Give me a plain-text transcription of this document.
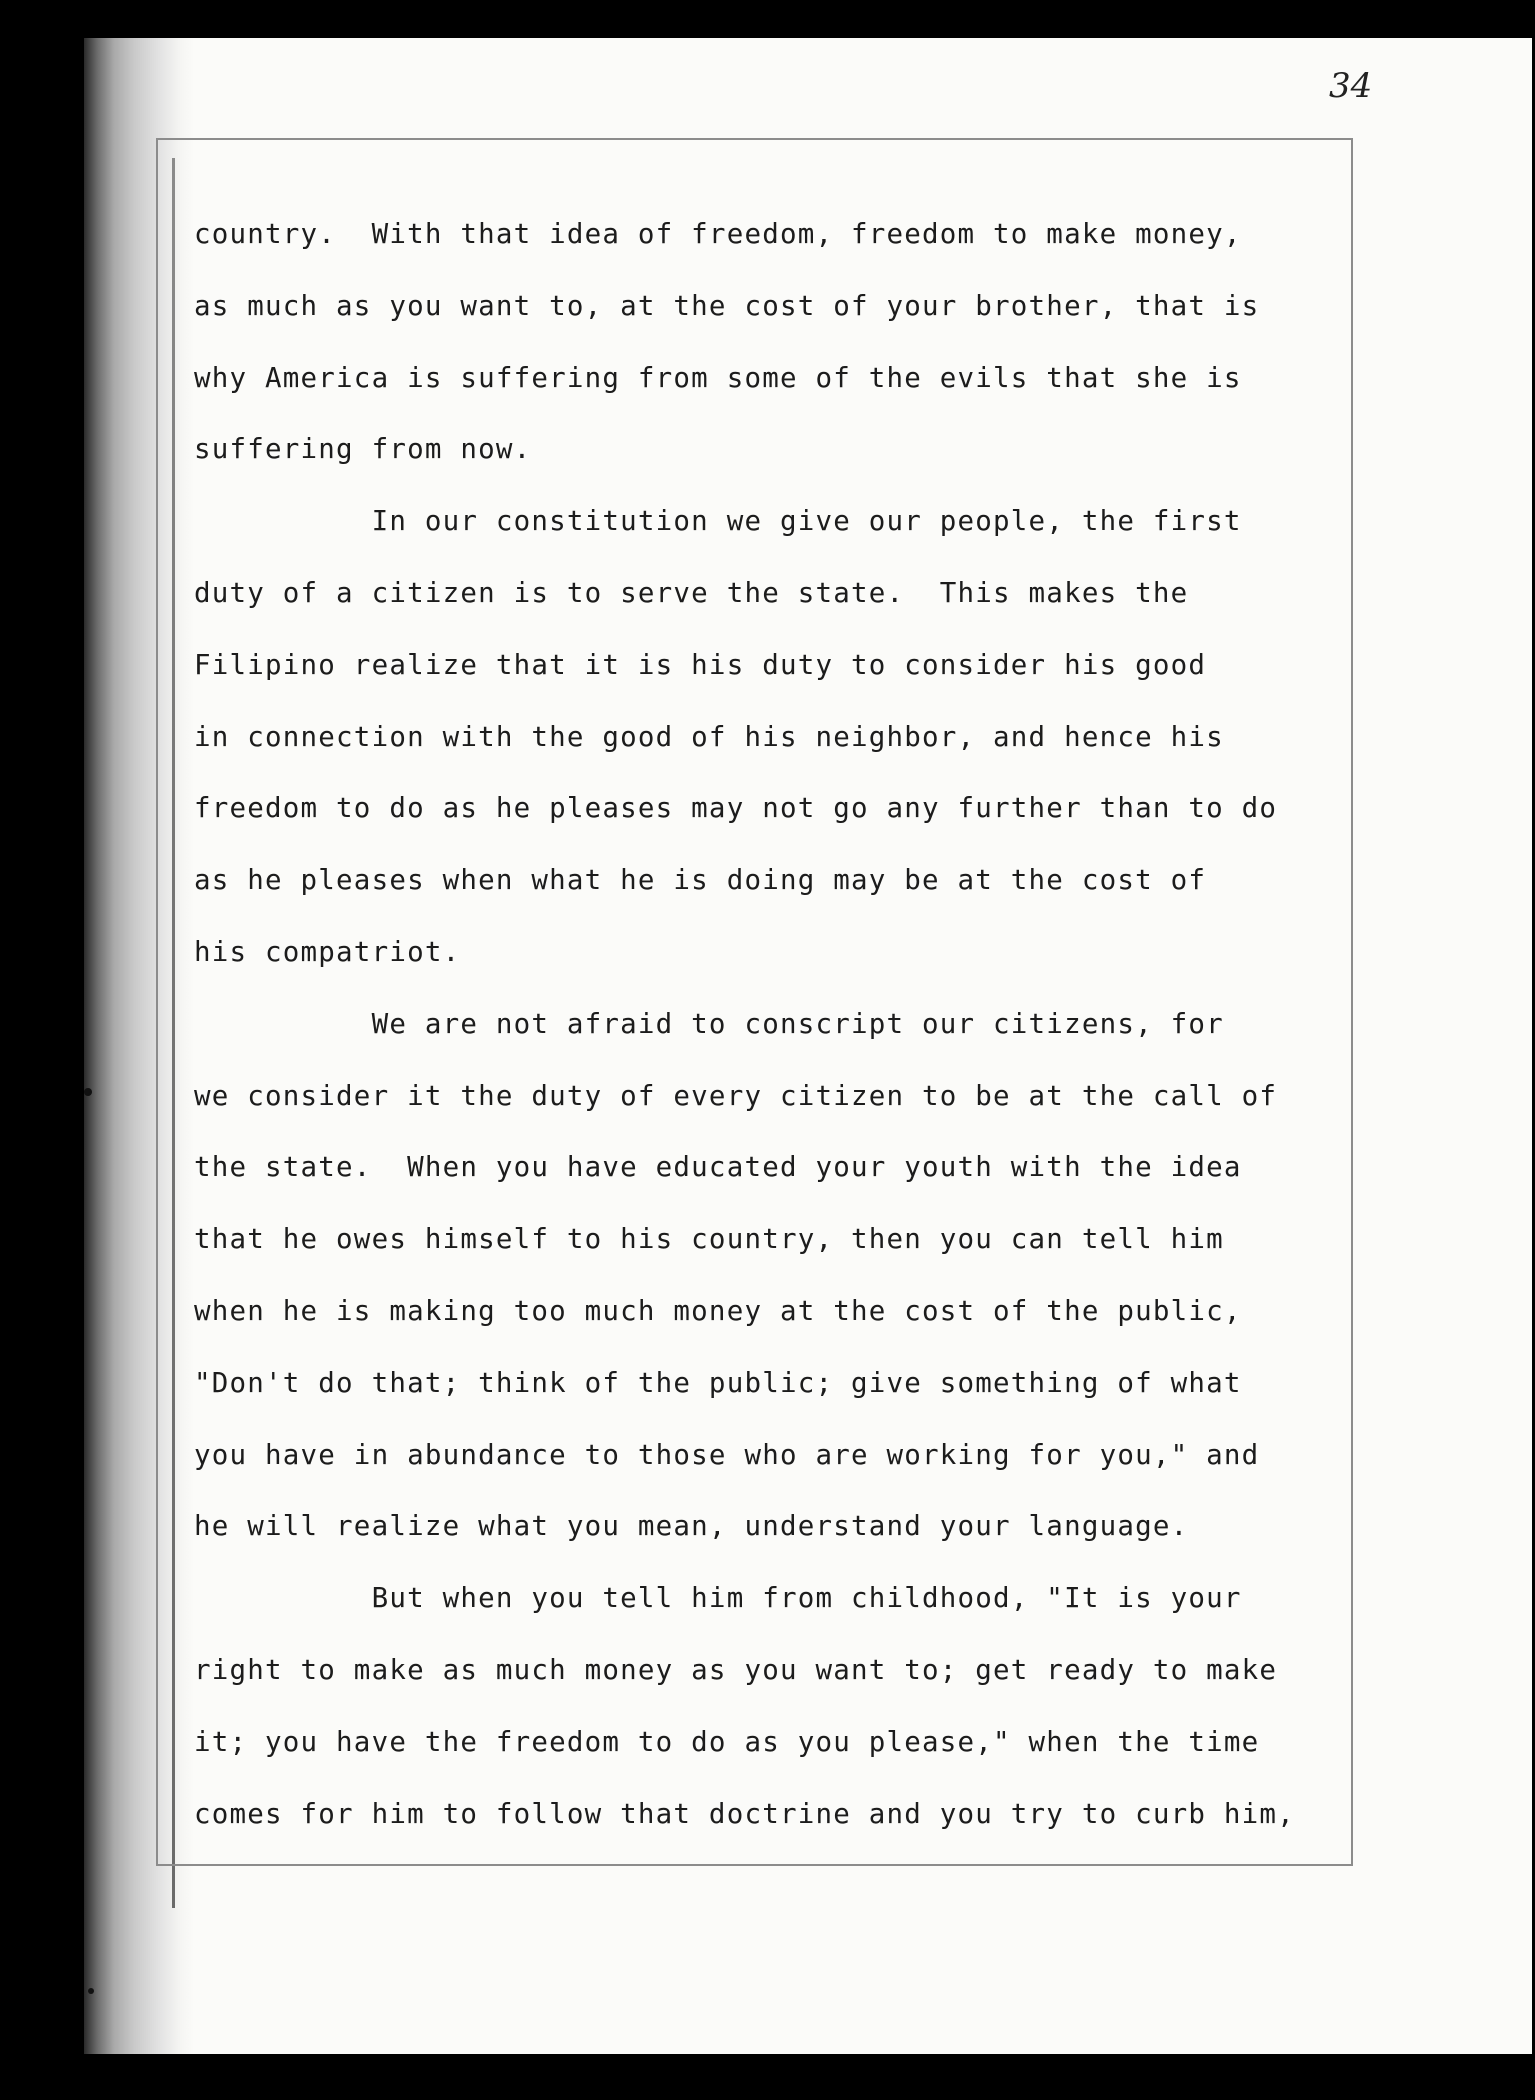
34
country.  With that idea of freedom, freedom to make money,
as much as you want to, at the cost of your brother, that is
why America is suffering from some of the evils that she is
suffering from now.
In our constitution we give our people, the first
duty of a citizen is to serve the state.  This makes the
Filipino realize that it is his duty to consider his good
in connection with the good of his neighbor, and hence his
freedom to do as he pleases may not go any further than to do
as he pleases when what he is doing may be at the cost of
his compatriot.
We are not afraid to conscript our citizens, for
we consider it the duty of every citizen to be at the call of
the state.  When you have educated your youth with the idea
that he owes himself to his country, then you can tell him
when he is making too much money at the cost of the public,
"Don't do that; think of the public; give something of what
you have in abundance to those who are working for you," and
he will realize what you mean, understand your language.
But when you tell him from childhood, "It is your
right to make as much money as you want to; get ready to make
it; you have the freedom to do as you please," when the time
comes for him to follow that doctrine and you try to curb him,
